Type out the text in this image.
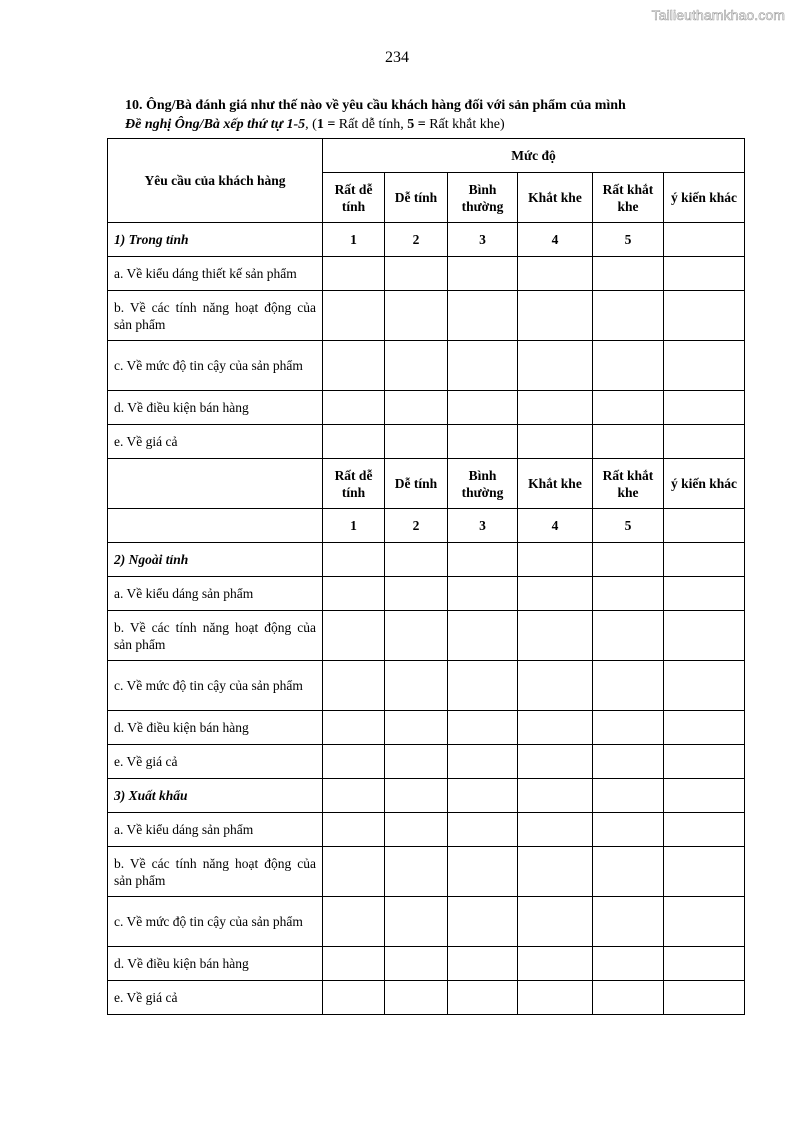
Tailieuthamkhao.com
234
10. Ông/Bà đánh giá như thế nào về yêu cầu khách hàng đối với sản phẩm của mình
Đề nghị Ông/Bà xếp thứ tự 1-5, (1 = Rất dễ tính, 5 = Rất khắt khe)
Yêu cầu của khách hàng	Mức độ					
	Rất dễ tính	Dễ tính	Bình thường	Khắt khe	Rất khắt khe	ý kiến khác
1) Trong tỉnh	1	2	3	4	5	
a. Về kiểu dáng thiết kế sản phẩm						
b. Về các tính năng hoạt động của sản phẩm						
c. Về mức độ tin cậy của sản phẩm						
d. Về điều kiện bán hàng						
e. Về giá cả						
	Rất dễ tính	Dễ tính	Bình thường	Khắt khe	Rất khắt khe	ý kiến khác
	1	2	3	4	5	
2) Ngoài tỉnh						
a. Về kiểu dáng sản phẩm						
b. Về các tính năng hoạt động của sản phẩm						
c. Về mức độ tin cậy của sản phẩm						
d. Về điều kiện bán hàng						
e. Về giá cả						
3) Xuất khẩu						
a. Về kiểu dáng sản phẩm						
b. Về các tính năng hoạt động của sản phẩm						
c. Về mức độ tin cậy của sản phẩm						
d. Về điều kiện bán hàng						
e. Về giá cả						
